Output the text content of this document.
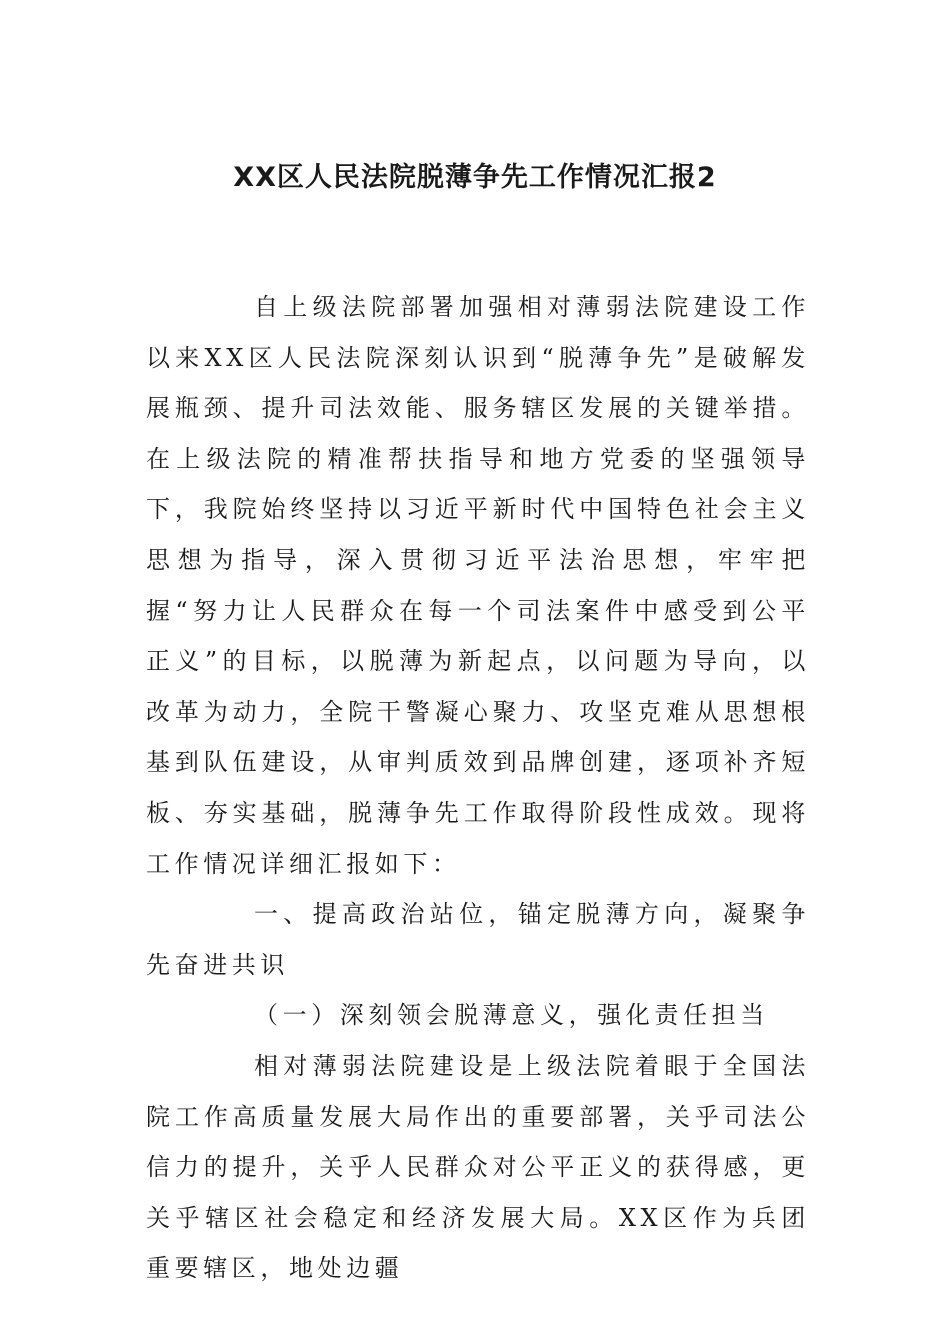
XX区人民法院脱薄争先工作情况汇报2

自上级法院部署加强相对薄弱法院建设工作以来XX区人民法院深刻认识到“脱薄争先”是破解发展瓶颈、提升司法效能、服务辖区发展的关键举措。在上级法院的精准帮扶指导和地方党委的坚强领导下，我院始终坚持以习近平新时代中国特色社会主义思想为指导，深入贯彻习近平法治思想，牢牢把握“努力让人民群众在每一个司法案件中感受到公平正义”的目标，以脱薄为新起点，以问题为导向，以改革为动力，全院干警凝心聚力、攻坚克难从思想根基到队伍建设，从审判质效到品牌创建，逐项补齐短板、夯实基础，脱薄争先工作取得阶段性成效。现将工作情况详细汇报如下：

一、提高政治站位，锚定脱薄方向，凝聚争先奋进共识

（一）深刻领会脱薄意义，强化责任担当

相对薄弱法院建设是上级法院着眼于全国法院工作高质量发展大局作出的重要部署，关乎司法公信力的提升，关乎人民群众对公平正义的获得感，更关乎辖区社会稳定和经济发展大局。XX区作为兵团重要辖区，地处边疆
